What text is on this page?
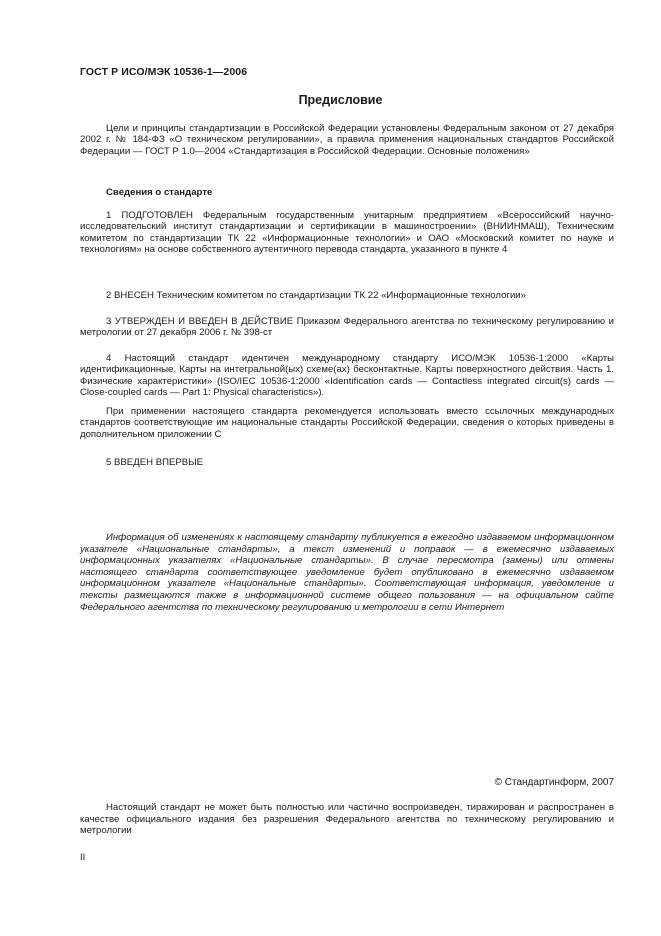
ГОСТ Р ИСО/МЭК 10536-1—2006
Предисловие

Цели и принципы стандартизации в Российской Федерации установлены Федеральным законом от 27 декабря 2002 г. № 184-ФЗ «О техническом регулировании», а правила применения национальных стандартов Российской Федерации — ГОСТ Р 1.0—2004 «Стандартизация в Российской Федерации. Основные положения»

Сведения о стандарте

1 ПОДГОТОВЛЕН Федеральным государственным унитарным предприятием «Всероссийский научно-исследовательский институт стандартизации и сертификации в машиностроении» (ВНИИНМАШ), Техническим комитетом по стандартизации ТК 22 «Информационные технологии» и ОАО «Московский комитет по науке и технологиям» на основе собственного аутентичного перевода стандарта, указанного в пункте 4

2 ВНЕСЕН Техническим комитетом по стандартизации ТК 22 «Информационные технологии»

3 УТВЕРЖДЕН И ВВЕДЕН В ДЕЙСТВИЕ Приказом Федерального агентства по техническому регулированию и метрологии от 27 декабря 2006 г. № 398-ст

4 Настоящий стандарт идентичен международному стандарту ИСО/МЭК 10536-1:2000 «Карты идентификационные. Карты на интегральной(ых) схеме(ах) бесконтактные. Карты поверхностного действия. Часть 1. Физические характеристики» (ISO/IEC 10536-1:2000 «Identification cards — Contactless integrated circuit(s) cards — Close-coupled cards — Part 1: Physical characteristics»).

При применении настоящего стандарта рекомендуется использовать вместо ссылочных международных стандартов соответствующие им национальные стандарты Российской Федерации, сведения о которых приведены в дополнительном приложении С

5 ВВЕДЕН ВПЕРВЫЕ

Информация об изменениях к настоящему стандарту публикуется в ежегодно издаваемом информационном указателе «Национальные стандарты», а текст изменений и поправок — в ежемесячно издаваемых информационных указателях «Национальные стандарты». В случае пересмотра (замены) или отмены настоящего стандарта соответствующее уведомление будет опубликовано в ежемесячно издаваемом информационном указателе «Национальные стандарты». Соответствующая информация, уведомление и тексты размещаются также в информационной системе общего пользования — на официальном сайте Федерального агентства по техническому регулированию и метрологии в сети Интернет

© Стандартинформ, 2007

Настоящий стандарт не может быть полностью или частично воспроизведен, тиражирован и распространен в качестве официального издания без разрешения Федерального агентства по техническому регулированию и метрологии

II
